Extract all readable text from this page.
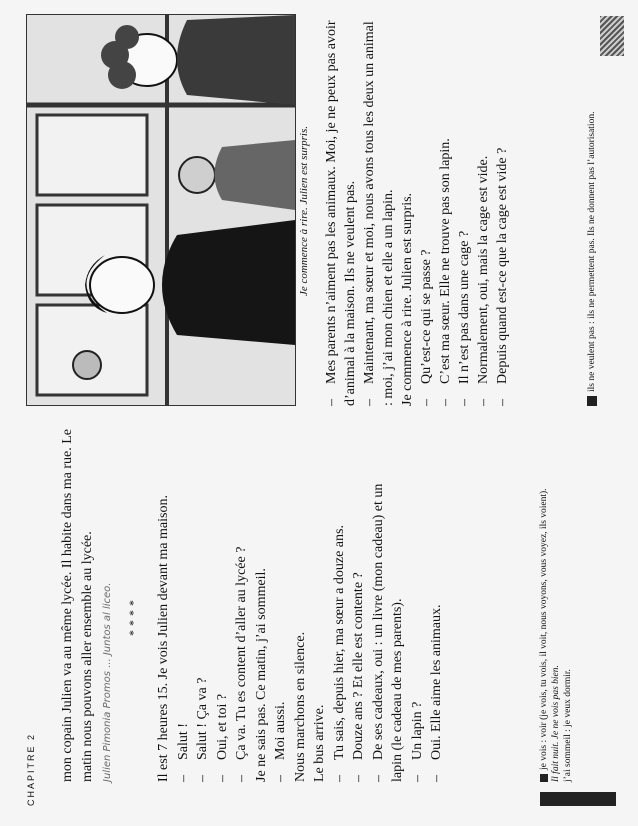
CHAPITRE 2 mon copain Julien va au même lycée. Il habite dans ma rue. Le matin nous pouvons aller ensemble au lycée. Julien Pimonia Promos ... Juntos al liceo.	**** Il est 7 heures 15. Je vois Julien devant ma maison. – Salut ! – Salut ! Ça va ? – Oui, et toi ? – Ça va. Tu es content d’aller au lycée ? Je ne sais pas. Ce matin, j’ai sommeil. – Moi aussi. Nous marchons en silence. Le bus arrive. – Tu sais, depuis hier, ma sœur a douze ans. – Douze ans ? Et elle est contente ? – De ses cadeaux, oui : un livre (mon cadeau) et un lapin (le cadeau de mes parents). – Un lapin ? – Oui. Elle aime les animaux.	je vois : voir (je vois, tu vois, il voit, nous voyons, vous voyez, ils voient). Il fait nuit. Je ne vois pas bien. j’ai sommeil : je veux dormir.
Je commence à rire. Julien est surpris. – Mes parents n’aiment pas les animaux. Moi, je ne peux pas avoir d’animal à la maison. Ils ne veulent pas. – Maintenant, ma sœur et moi, nous avons tous les deux un animal : moi, j’ai mon chien et elle a un lapin. Je commence à rire. Julien est surpris. – Qu’est-ce qui se passe ? – C’est ma sœur. Elle ne trouve pas son lapin. – Il n’est pas dans une cage ? – Normalement, oui, mais la cage est vide. – Depuis quand est-ce que la cage est vide ?	ils ne veulent pas : ils ne permettent pas. Ils ne donnent pas l’autorisation.
